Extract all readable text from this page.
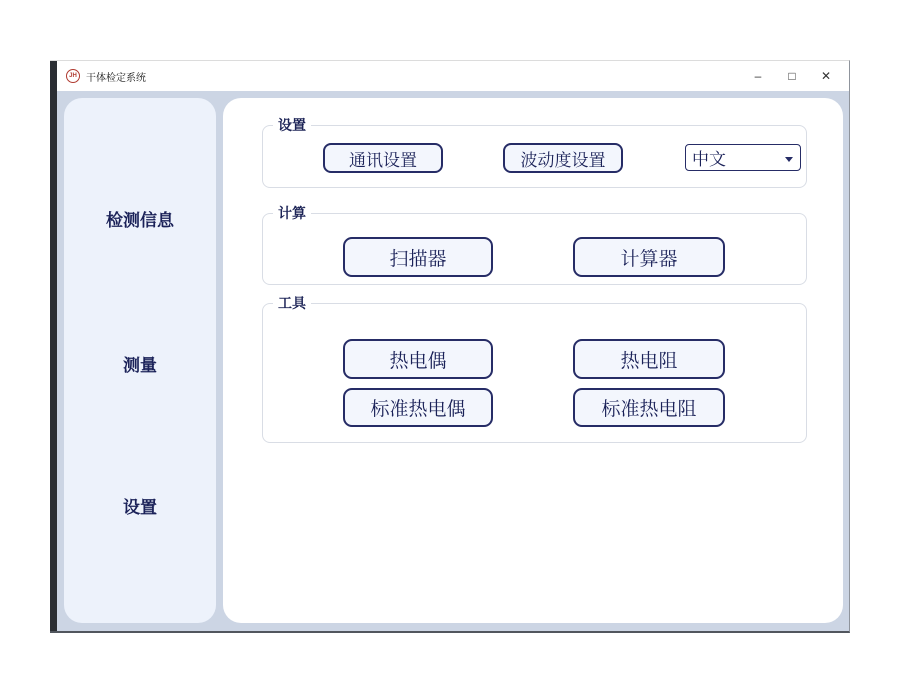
JH 干体检定系统	–	□	✕
检测信息
测量
设置
设置
通讯设置	波动度设置	中文
计算
扫描器	计算器
工具
热电偶	热电阻
标准热电偶	标准热电阻
